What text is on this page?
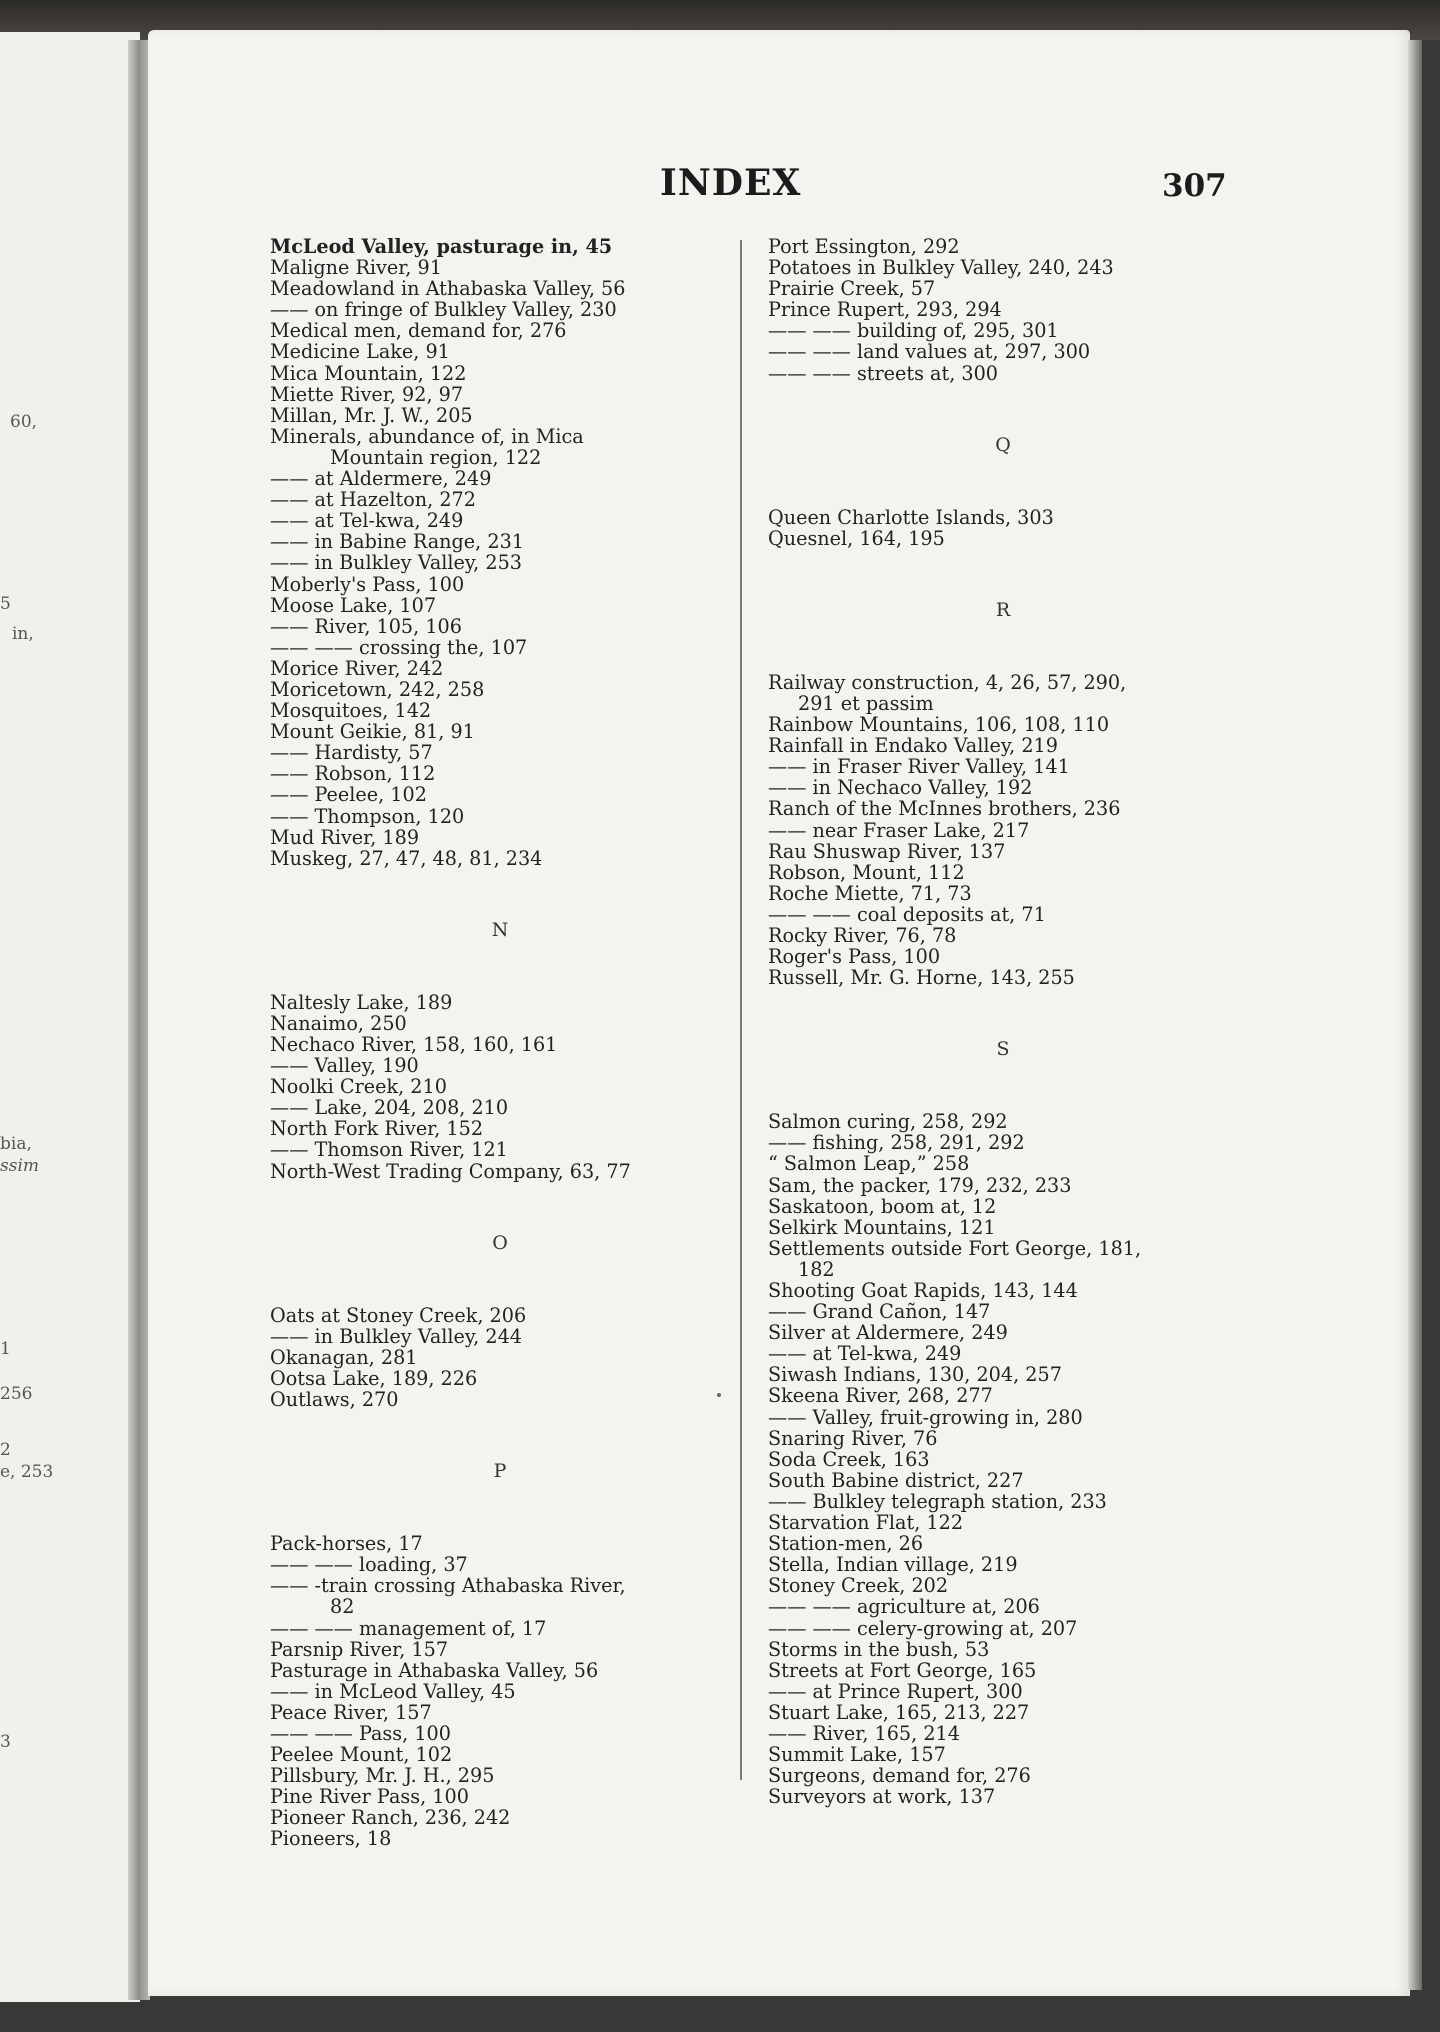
60,
5
in,
bia,
ssim
1
256
2
e, 253
3
INDEX	307
McLeod Valley, pasturage in, 45
Maligne River, 91
Meadowland in Athabaska Valley, 56
—— on fringe of Bulkley Valley, 230
Medical men, demand for, 276
Medicine Lake, 91
Mica Mountain, 122
Miette River, 92, 97
Millan, Mr. J. W., 205
Minerals, abundance of, in Mica
Mountain region, 122
—— at Aldermere, 249
—— at Hazelton, 272
—— at Tel-kwa, 249
—— in Babine Range, 231
—— in Bulkley Valley, 253
Moberly's Pass, 100
Moose Lake, 107
—— River, 105, 106
—— —— crossing the, 107
Morice River, 242
Moricetown, 242, 258
Mosquitoes, 142
Mount Geikie, 81, 91
—— Hardisty, 57
—— Robson, 112
—— Peelee, 102
—— Thompson, 120
Mud River, 189
Muskeg, 27, 47, 48, 81, 234
N
Naltesly Lake, 189
Nanaimo, 250
Nechaco River, 158, 160, 161
—— Valley, 190
Noolki Creek, 210
—— Lake, 204, 208, 210
North Fork River, 152
—— Thomson River, 121
North-West Trading Company, 63, 77
O
Oats at Stoney Creek, 206
—— in Bulkley Valley, 244
Okanagan, 281
Ootsa Lake, 189, 226
Outlaws, 270
P
Pack-horses, 17
—— —— loading, 37
—— -train crossing Athabaska River,
82
—— —— management of, 17
Parsnip River, 157
Pasturage in Athabaska Valley, 56
—— in McLeod Valley, 45
Peace River, 157
—— —— Pass, 100
Peelee Mount, 102
Pillsbury, Mr. J. H., 295
Pine River Pass, 100
Pioneer Ranch, 236, 242
Pioneers, 18
Port Essington, 292
Potatoes in Bulkley Valley, 240, 243
Prairie Creek, 57
Prince Rupert, 293, 294
—— —— building of, 295, 301
—— —— land values at, 297, 300
—— —— streets at, 300
Q
Queen Charlotte Islands, 303
Quesnel, 164, 195
R
Railway construction, 4, 26, 57, 290,
291 et passim
Rainbow Mountains, 106, 108, 110
Rainfall in Endako Valley, 219
—— in Fraser River Valley, 141
—— in Nechaco Valley, 192
Ranch of the McInnes brothers, 236
—— near Fraser Lake, 217
Rau Shuswap River, 137
Robson, Mount, 112
Roche Miette, 71, 73
—— —— coal deposits at, 71
Rocky River, 76, 78
Roger's Pass, 100
Russell, Mr. G. Horne, 143, 255
S
Salmon curing, 258, 292
—— fishing, 258, 291, 292
“ Salmon Leap,” 258
Sam, the packer, 179, 232, 233
Saskatoon, boom at, 12
Selkirk Mountains, 121
Settlements outside Fort George, 181,
182
Shooting Goat Rapids, 143, 144
—— Grand Cañon, 147
Silver at Aldermere, 249
—— at Tel-kwa, 249
Siwash Indians, 130, 204, 257
Skeena River, 268, 277
—— Valley, fruit-growing in, 280
Snaring River, 76
Soda Creek, 163
South Babine district, 227
—— Bulkley telegraph station, 233
Starvation Flat, 122
Station-men, 26
Stella, Indian village, 219
Stoney Creek, 202
—— —— agriculture at, 206
—— —— celery-growing at, 207
Storms in the bush, 53
Streets at Fort George, 165
—— at Prince Rupert, 300
Stuart Lake, 165, 213, 227
—— River, 165, 214
Summit Lake, 157
Surgeons, demand for, 276
Surveyors at work, 137
